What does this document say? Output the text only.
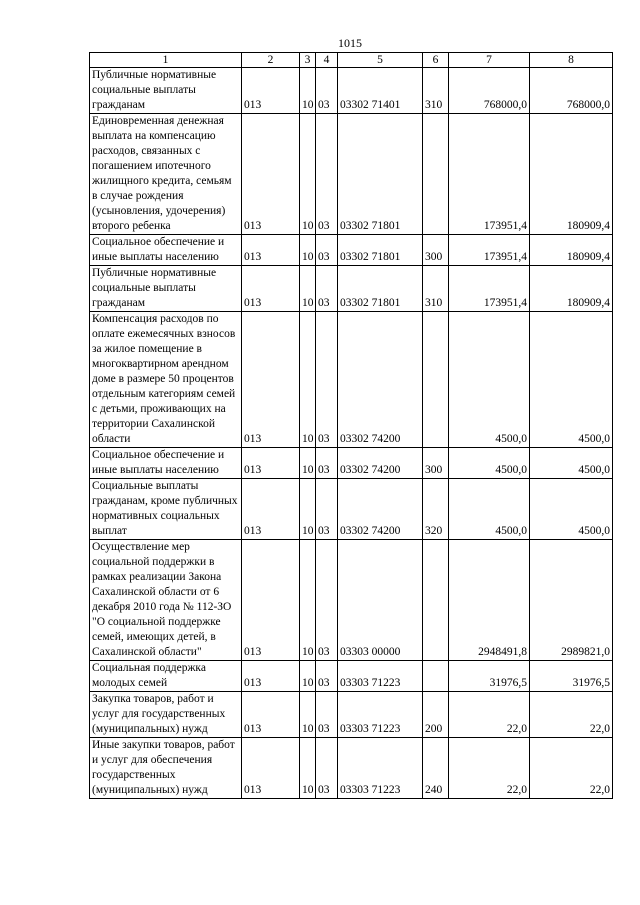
1015
1	2	3	4	5	6	7	8
Публичные нормативные социальные выплаты гражданам	013	10	03	03302 71401	310	768000,0	768000,0
Единовременная денежная выплата на компенсацию расходов, связанных с погашением ипотечного жилищного кредита, семьям в случае рождения (усыновления, удочерения) второго ребенка	013	10	03	03302 71801		173951,4	180909,4
Социальное обеспечение и иные выплаты населению	013	10	03	03302 71801	300	173951,4	180909,4
Публичные нормативные социальные выплаты гражданам	013	10	03	03302 71801	310	173951,4	180909,4
Компенсация расходов по оплате ежемесячных взносов за жилое помещение в многоквартирном арендном доме в размере 50 процентов отдельным категориям семей с детьми, проживающих на территории Сахалинской области	013	10	03	03302 74200		4500,0	4500,0
Социальное обеспечение и иные выплаты населению	013	10	03	03302 74200	300	4500,0	4500,0
Социальные выплаты гражданам, кроме публичных нормативных социальных выплат	013	10	03	03302 74200	320	4500,0	4500,0
Осуществление мер социальной поддержки в рамках реализации Закона Сахалинской области от 6 декабря 2010 года № 112-ЗО "О социальной поддержке семей, имеющих детей, в Сахалинской области"	013	10	03	03303 00000		2948491,8	2989821,0
Социальная поддержка молодых семей	013	10	03	03303 71223		31976,5	31976,5
Закупка товаров, работ и услуг для государственных (муниципальных) нужд	013	10	03	03303 71223	200	22,0	22,0
Иные закупки товаров, работ и услуг для обеспечения государственных (муниципальных) нужд	013	10	03	03303 71223	240	22,0	22,0
